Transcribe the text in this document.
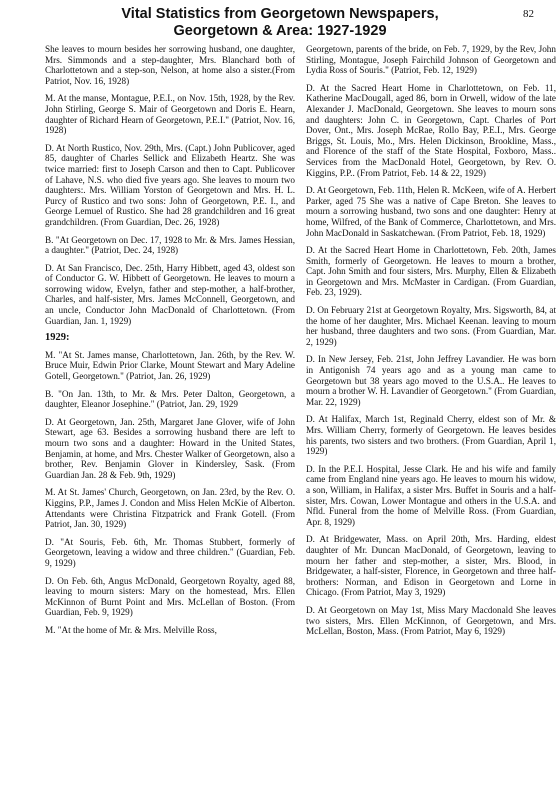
82
Vital Statistics from Georgetown Newspapers,
Georgetown & Area: 1927-1929

She leaves to mourn besides her sorrowing husband, one daughter, Mrs. Simmonds and a step-daughter, Mrs. Blanchard both of Charlottetown and a step-son, Nelson, at home also a sister.(From Patriot, Nov. 16, 1928)

M. At the manse, Montague, P.E.I., on Nov. 15th, 1928, by the Rev. John Stirling, George S. Mair of Georgetown and Doris E. Hearn, daughter of Richard Hearn of Georgetown, P.E.I." (Patriot, Nov. 16, 1928)

D. At North Rustico, Nov. 29th, Mrs. (Capt.) John Publicover, aged 85, daughter of Charles Sellick and Elizabeth Heartz. She was twice married: first to Joseph Carson and then to Capt. Publicover of Lahave, N.S. who died five years ago. She leaves to mourn two daughters:. Mrs. William Yorston of Georgetown and Mrs. H. L. Purcy of Rustico and two sons: John of Georgetown, P.E. I., and George Lemuel of Rustico. She had 28 grandchildren and 16 great grandchildren. (From Guardian, Dec. 26, 1928)

B. "At Georgetown on Dec. 17, 1928 to Mr. & Mrs. James Hessian, a daughter." (Patriot, Dec. 24, 1928)

D. At San Francisco, Dec. 25th, Harry Hibbett, aged 43, oldest son of Conductor G. W. Hibbett of Georgetown. He leaves to mourn a sorrowing widow, Evelyn, father and step-mother, a half-brother, Charles, and half-sister, Mrs. James McConnell, Georgetown, and an uncle, Conductor John MacDonald of Charlottetown. (From Guardian, Jan. 1, 1929)

1929:

M. "At St. James manse, Charlottetown, Jan. 26th, by the Rev. W. Bruce Muir, Edwin Prior Clarke, Mount Stewart and Mary Adeline Gotell, Georgetown." (Patriot, Jan. 26, 1929)

B. "On Jan. 13th, to Mr. & Mrs. Peter Dalton, Georgetown, a daughter, Eleanor Josephine." (Patriot, Jan. 29, 1929

D. At Georgetown, Jan. 25th, Margaret Jane Glover, wife of John Stewart, age 63. Besides a sorrowing husband there are left to mourn two sons and a daughter: Howard in the United States, Benjamin, at home, and Mrs. Chester Walker of Georgetown, also a brother, Rev. Benjamin Glover in Kindersley, Sask. (From Guardian Jan. 28 & Feb. 9th, 1929)

M. At St. James' Church, Georgetown, on Jan. 23rd, by the Rev. O. Kiggins, P.P., James J. Condon and Miss Helen McKie of Alberton. Attendants were Christina Fitzpatrick and Frank Gotell. (From Patriot, Jan. 30, 1929)

D. "At Souris, Feb. 6th, Mr. Thomas Stubbert, formerly of Georgetown, leaving a widow and three children." (Guardian, Feb. 9, 1929)

D. On Feb. 6th, Angus McDonald, Georgetown Royalty, aged 88, leaving to mourn sisters: Mary on the homestead, Mrs. Ellen McKinnon of Burnt Point and Mrs. McLellan of Boston. (From Guardian, Feb. 9, 1929)

M. "At the home of Mr. & Mrs. Melville Ross,

Georgetown, parents of the bride, on Feb. 7, 1929, by the Rev, John Stirling, Montague, Joseph Fairchild Johnson of Georgetown and Lydia Ross of Souris." (Patriot, Feb. 12, 1929)

D. At the Sacred Heart Home in Charlottetown, on Feb. 11, Katherine MacDougall, aged 86, born in Orwell, widow of the late Alexander J. MacDonald, Georgetown. She leaves to mourn sons and daughters: John C. in Georgetown, Capt. Charles of Port Dover, Ont., Mrs. Joseph McRae, Rollo Bay, P.E.I., Mrs. George Briggs, St. Louis, Mo., Mrs. Helen Dickinson, Brookline, Mass., and Florence of the staff of the State Hospital, Foxboro, Mass.. Services from the MacDonald Hotel, Georgetown, by Rev. O. Kiggins, P.P.. (From Patriot, Feb. 14 & 22, 1929)

D. At Georgetown, Feb. 11th, Helen R. McKeen, wife of A. Herbert Parker, aged 75 She was a native of Cape Breton. She leaves to mourn a sorrowing husband, two sons and one daughter: Henry at home, Wilfred, of the Bank of Commerce, Charlottetown, and Mrs. John MacDonald in Saskatchewan. (From Patriot, Feb. 18, 1929)

D. At the Sacred Heart Home in Charlottetown, Feb. 20th, James Smith, formerly of Georgetown. He leaves to mourn a brother, Capt. John Smith and four sisters, Mrs. Murphy, Ellen & Elizabeth in Georgetown and Mrs. McMaster in Cardigan. (From Guardian, Feb. 23, 1929).

D. On February 21st at Georgetown Royalty, Mrs. Sigsworth, 84, at the home of her daughter, Mrs. Michael Keenan. leaving to mourn her husband, three daughters and two sons. (From Guardian, Mar. 2, 1929)

D. In New Jersey, Feb. 21st, John Jeffrey Lavandier. He was born in Antigonish 74 years ago and as a young man came to Georgetown but 38 years ago moved to the U.S.A.. He leaves to mourn a brother W. H. Lavandier of Georgetown." (From Guardian, Mar. 22, 1929)

D. At Halifax, March 1st, Reginald Cherry, eldest son of Mr. & Mrs. William Cherry, formerly of Georgetown. He leaves besides his parents, two sisters and two brothers. (From Guardian, April 1, 1929)

D. In the P.E.I. Hospital, Jesse Clark. He and his wife and family came from England nine years ago. He leaves to mourn his widow, a son, William, in Halifax, a sister Mrs. Buffet in Souris and a half-sister, Mrs. Cowan, Lower Montague and others in the U.S.A. and Nfld. Funeral from the home of Melville Ross. (From Guardian, Apr. 8, 1929)

D. At Bridgewater, Mass. on April 20th, Mrs. Harding, eldest daughter of Mr. Duncan MacDonald, of Georgetown, leaving to mourn her father and step-mother, a sister, Mrs. Blood, in Bridgewater, a half-sister, Florence, in Georgetown and three half-brothers: Norman, and Edison in Georgetown and Lorne in Chicago. (From Patriot, May 3, 1929)

D. At Georgetown on May 1st, Miss Mary Macdonald She leaves two sisters, Mrs. Ellen McKinnon, of Georgetown, and Mrs. McLellan, Boston, Mass. (From Patriot, May 6, 1929)
